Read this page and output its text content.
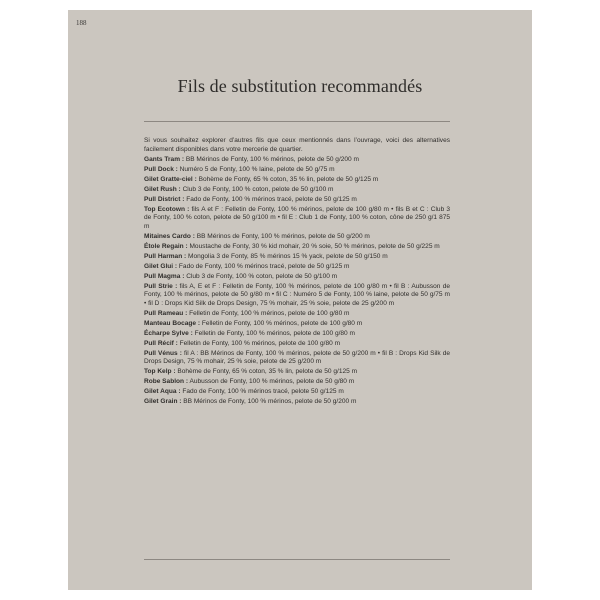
188
Fils de substitution recommandés

Si vous souhaitez explorer d’autres fils que ceux mentionnés dans l’ouvrage, voici des alternatives facilement disponibles dans votre mercerie de quartier.

Gants Tram : BB Mérinos de Fonty, 100 % mérinos, pelote de 50 g/200 m

Pull Dock : Numéro 5 de Fonty, 100 % laine, pelote de 50 g/75 m

Gilet Gratte-ciel : Bohème de Fonty, 65 % coton, 35 % lin, pelote de 50 g/125 m

Gilet Rush : Club 3 de Fonty, 100 % coton, pelote de 50 g/100 m

Pull District : Fado de Fonty, 100 % mérinos tracé, pelote de 50 g/125 m

Top Ecotown : fils A et F : Felletin de Fonty, 100 % mérinos, pelote de 100 g/80 m • fils B et C : Club 3 de Fonty, 100 % coton, pelote de 50 g/100 m • fil E : Club 1 de Fonty, 100 % coton, cône de 250 g/1 875 m

Mitaines Cardo : BB Mérinos de Fonty, 100 % mérinos, pelote de 50 g/200 m

Étole Regain : Moustache de Fonty, 30 % kid mohair, 20 % soie, 50 % mérinos, pelote de 50 g/225 m

Pull Harman : Mongolia 3 de Fonty, 85 % mérinos 15 % yack, pelote de 50 g/150 m

Gilet Glui : Fado de Fonty, 100 % mérinos tracé, pelote de 50 g/125 m

Pull Magma : Club 3 de Fonty, 100 % coton, pelote de 50 g/100 m

Pull Strie : fils A, E et F : Felletin de Fonty, 100 % mérinos, pelote de 100 g/80 m • fil B : Aubusson de Fonty, 100 % mérinos, pelote de 50 g/80 m • fil C : Numéro 5 de Fonty, 100 % laine, pelote de 50 g/75 m • fil D : Drops Kid Silk de Drops Design, 75 % mohair, 25 % soie, pelote de 25 g/200 m

Pull Rameau : Felletin de Fonty, 100 % mérinos, pelote de 100 g/80 m

Manteau Bocage : Felletin de Fonty, 100 % mérinos, pelote de 100 g/80 m

Écharpe Sylve : Felletin de Fonty, 100 % mérinos, pelote de 100 g/80 m

Pull Récif : Felletin de Fonty, 100 % mérinos, pelote de 100 g/80 m

Pull Vénus : fil A : BB Mérinos de Fonty, 100 % mérinos, pelote de 50 g/200 m • fil B : Drops Kid Silk de Drops Design, 75 % mohair, 25 % soie, pelote de 25 g/200 m

Top Kelp : Bohème de Fonty, 65 % coton, 35 % lin, pelote de 50 g/125 m

Robe Sablon : Aubusson de Fonty, 100 % mérinos, pelote de 50 g/80 m

Gilet Aqua : Fado de Fonty, 100 % mérinos tracé, pelote 50 g/125 m

Gilet Grain : BB Mérinos de Fonty, 100 % mérinos, pelote de 50 g/200 m
